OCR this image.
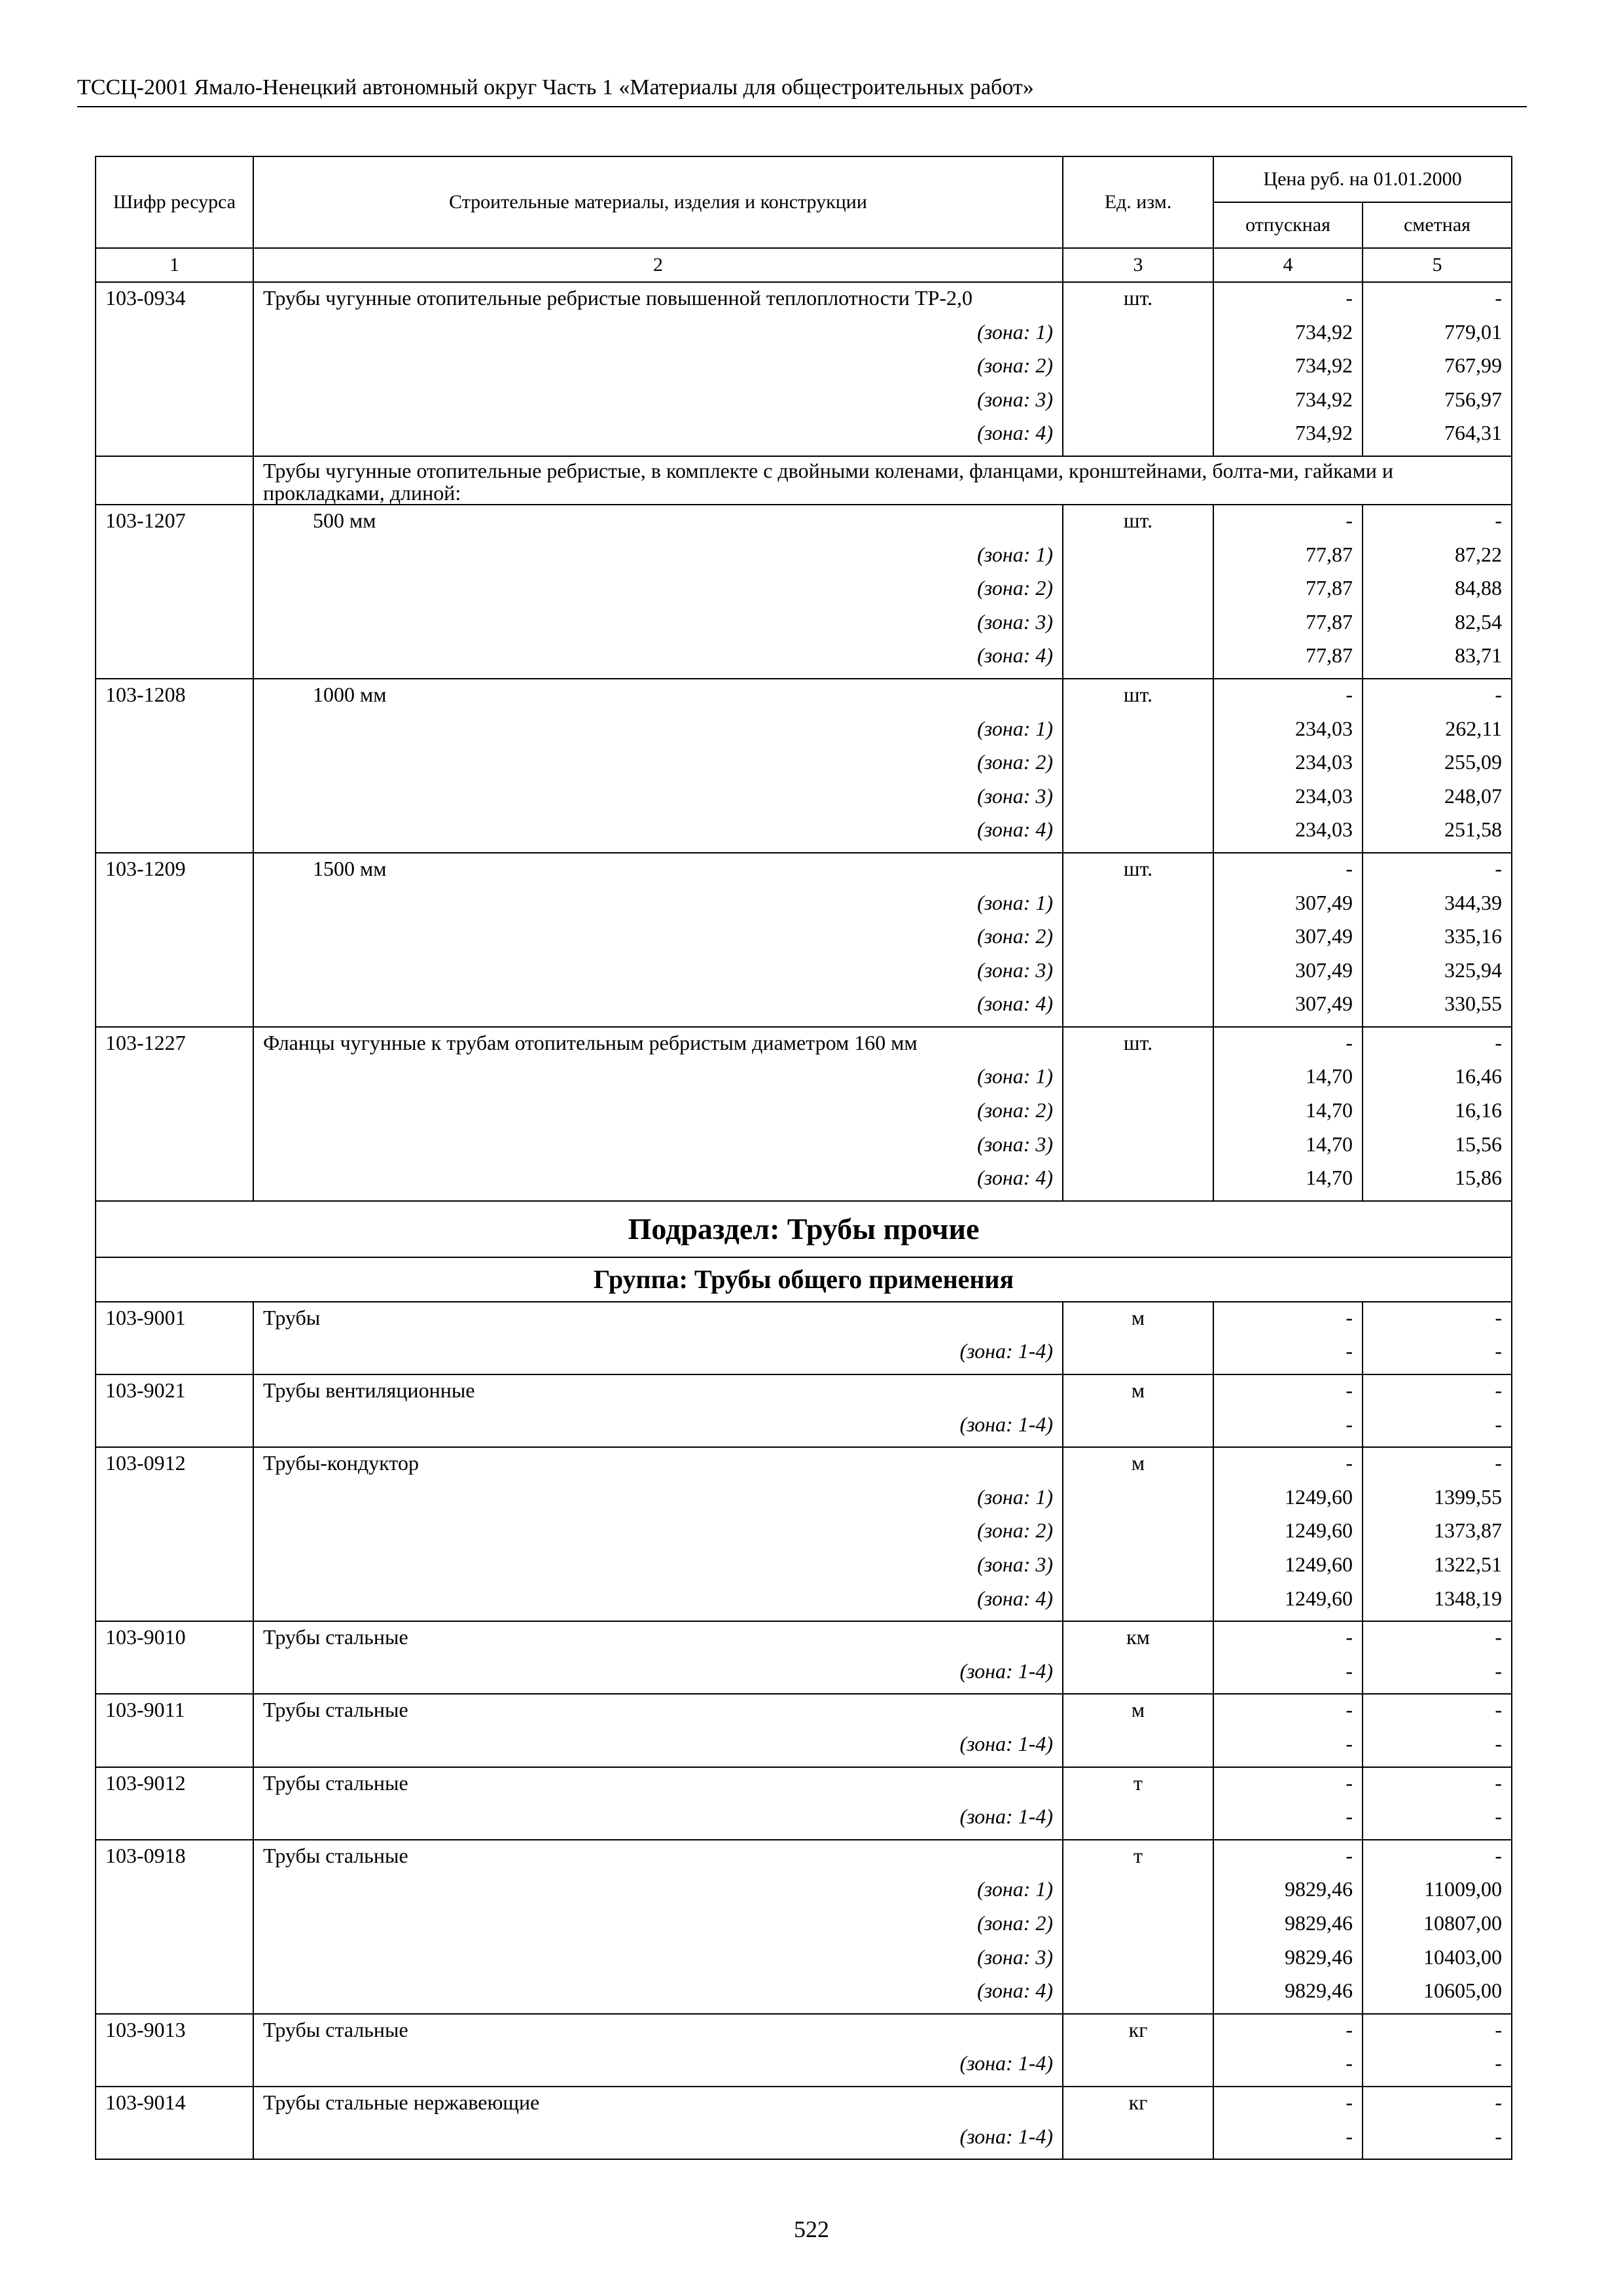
ТССЦ-2001 Ямало-Ненецкий автономный округ Часть 1 «Материалы для общестроительных работ»
Шифр ресурса	Строительные материалы, изделия и конструкции	Ед. изм.	Цена руб. на 01.01.2000	
			отпускная	сметная
1	2	3	4	5
103-0934	Трубы чугунные отопительные ребристые повышенной теплоплотности ТР-2,0	шт.	-	-
	(зона: 1)		734,92	779,01
	(зона: 2)		734,92	767,99
	(зона: 3)		734,92	756,97
	(зона: 4)		734,92	764,31
	Трубы чугунные отопительные ребристые, в комплекте с двойными коленами, фланцами, кронштейнами, болта-ми, гайками и прокладками, длиной:			
103-1207	500 мм	шт.	-	-
	(зона: 1)		77,87	87,22
	(зона: 2)		77,87	84,88
	(зона: 3)		77,87	82,54
	(зона: 4)		77,87	83,71
103-1208	1000 мм	шт.	-	-
	(зона: 1)		234,03	262,11
	(зона: 2)		234,03	255,09
	(зона: 3)		234,03	248,07
	(зона: 4)		234,03	251,58
103-1209	1500 мм	шт.	-	-
	(зона: 1)		307,49	344,39
	(зона: 2)		307,49	335,16
	(зона: 3)		307,49	325,94
	(зона: 4)		307,49	330,55
103-1227	Фланцы чугунные к трубам отопительным ребристым диаметром 160 мм	шт.	-	-
	(зона: 1)		14,70	16,46
	(зона: 2)		14,70	16,16
	(зона: 3)		14,70	15,56
	(зона: 4)		14,70	15,86
Подраздел: Трубы прочие				
Группа: Трубы общего применения				
103-9001	Трубы	м	-	-
	(зона: 1-4)		-	-
103-9021	Трубы вентиляционные	м	-	-
	(зона: 1-4)		-	-
103-0912	Трубы-кондуктор	м	-	-
	(зона: 1)		1249,60	1399,55
	(зона: 2)		1249,60	1373,87
	(зона: 3)		1249,60	1322,51
	(зона: 4)		1249,60	1348,19
103-9010	Трубы стальные	км	-	-
	(зона: 1-4)		-	-
103-9011	Трубы стальные	м	-	-
	(зона: 1-4)		-	-
103-9012	Трубы стальные	т	-	-
	(зона: 1-4)		-	-
103-0918	Трубы стальные	т	-	-
	(зона: 1)		9829,46	11009,00
	(зона: 2)		9829,46	10807,00
	(зона: 3)		9829,46	10403,00
	(зона: 4)		9829,46	10605,00
103-9013	Трубы стальные	кг	-	-
	(зона: 1-4)		-	-
103-9014	Трубы стальные нержавеющие	кг	-	-
	(зона: 1-4)		-	-
522
